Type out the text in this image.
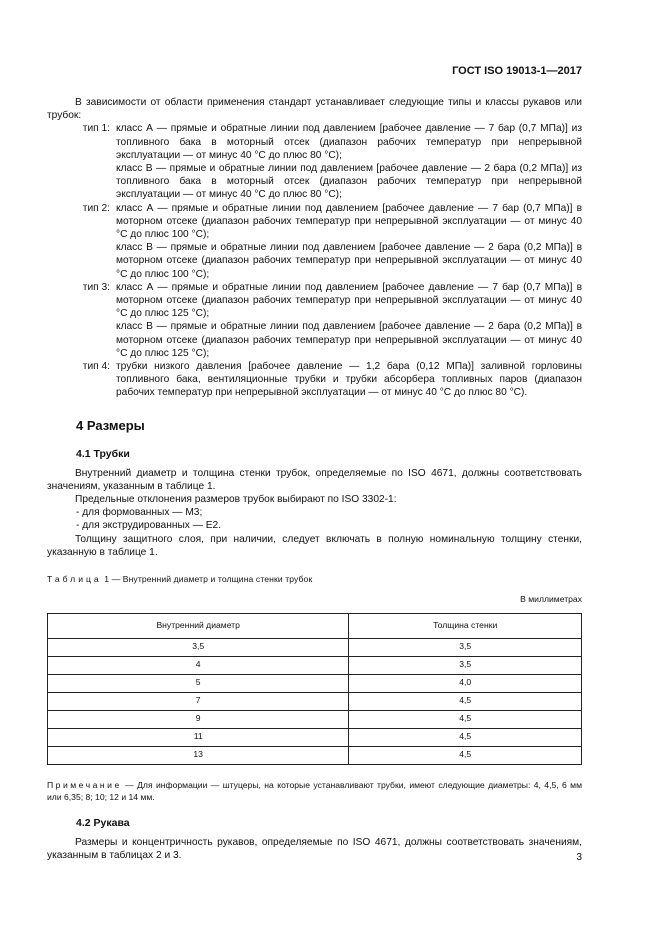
ГОСТ ISO 19013-1—2017

В зависимости от области применения стандарт устанавливает следующие типы и классы рукавов или трубок:

тип 1: класс А — прямые и обратные линии под давлением [рабочее давление — 7 бар (0,7 МПа)] из топливного бака в моторный отсек (диапазон рабочих температур при непрерывной эксплуатации — от минус 40 °С до плюс 80 °С);

класс В — прямые и обратные линии под давлением [рабочее давление — 2 бара (0,2 МПа)] из топливного бака в моторный отсек (диапазон рабочих температур при непрерывной эксплуатации — от минус 40 °С до плюс 80 °С);

тип 2: класс А — прямые и обратные линии под давлением [рабочее давление — 7 бар (0,7 МПа)] в моторном отсеке (диапазон рабочих температур при непрерывной эксплуатации — от минус 40 °С до плюс 100 °С);

класс В — прямые и обратные линии под давлением [рабочее давление — 2 бара (0,2 МПа)] в моторном отсеке (диапазон рабочих температур при непрерывной эксплуатации — от минус 40 °С до плюс 100 °С);

тип 3: класс А — прямые и обратные линии под давлением [рабочее давление — 7 бар (0,7 МПа)] в моторном отсеке (диапазон рабочих температур при непрерывной эксплуатации — от минус 40 °С до плюс 125 °С);

класс В — прямые и обратные линии под давлением [рабочее давление — 2 бара (0,2 МПа)] в моторном отсеке (диапазон рабочих температур при непрерывной эксплуатации — от минус 40 °С до плюс 125 °С);

тип 4: трубки низкого давления [рабочее давление — 1,2 бара (0,12 МПа)] заливной горловины топливного бака, вентиляционные трубки и трубки абсорбера топливных паров (диапазон рабочих температур при непрерывной эксплуатации — от минус 40 °С до плюс 80 °С).

4 Размеры
4.1 Трубки

Внутренний диаметр и толщина стенки трубок, определяемые по ISO 4671, должны соответствовать значениям, указанным в таблице 1.

Предельные отклонения размеров трубок выбирают по ISO 3302-1:

- для формованных — М3;

- для экструдированных — Е2.

Толщину защитного слоя, при наличии, следует включать в полную номинальную толщину стенки, указанную в таблице 1.

Таблица 1 — Внутренний диаметр и толщина стенки трубок
В миллиметрах
Внутренний диаметр	Толщина стенки
3,5	3,5
4	3,5
5	4,0
7	4,5
9	4,5
11	4,5
13	4,5

Примечание — Для информации — штуцеры, на которые устанавливают трубки, имеют следующие диаметры: 4, 4,5, 6 мм или 6,35; 8; 10; 12 и 14 мм.

4.2 Рукава

Размеры и концентричность рукавов, определяемые по ISO 4671, должны соответствовать значениям, указанным в таблицах 2 и 3.	3
